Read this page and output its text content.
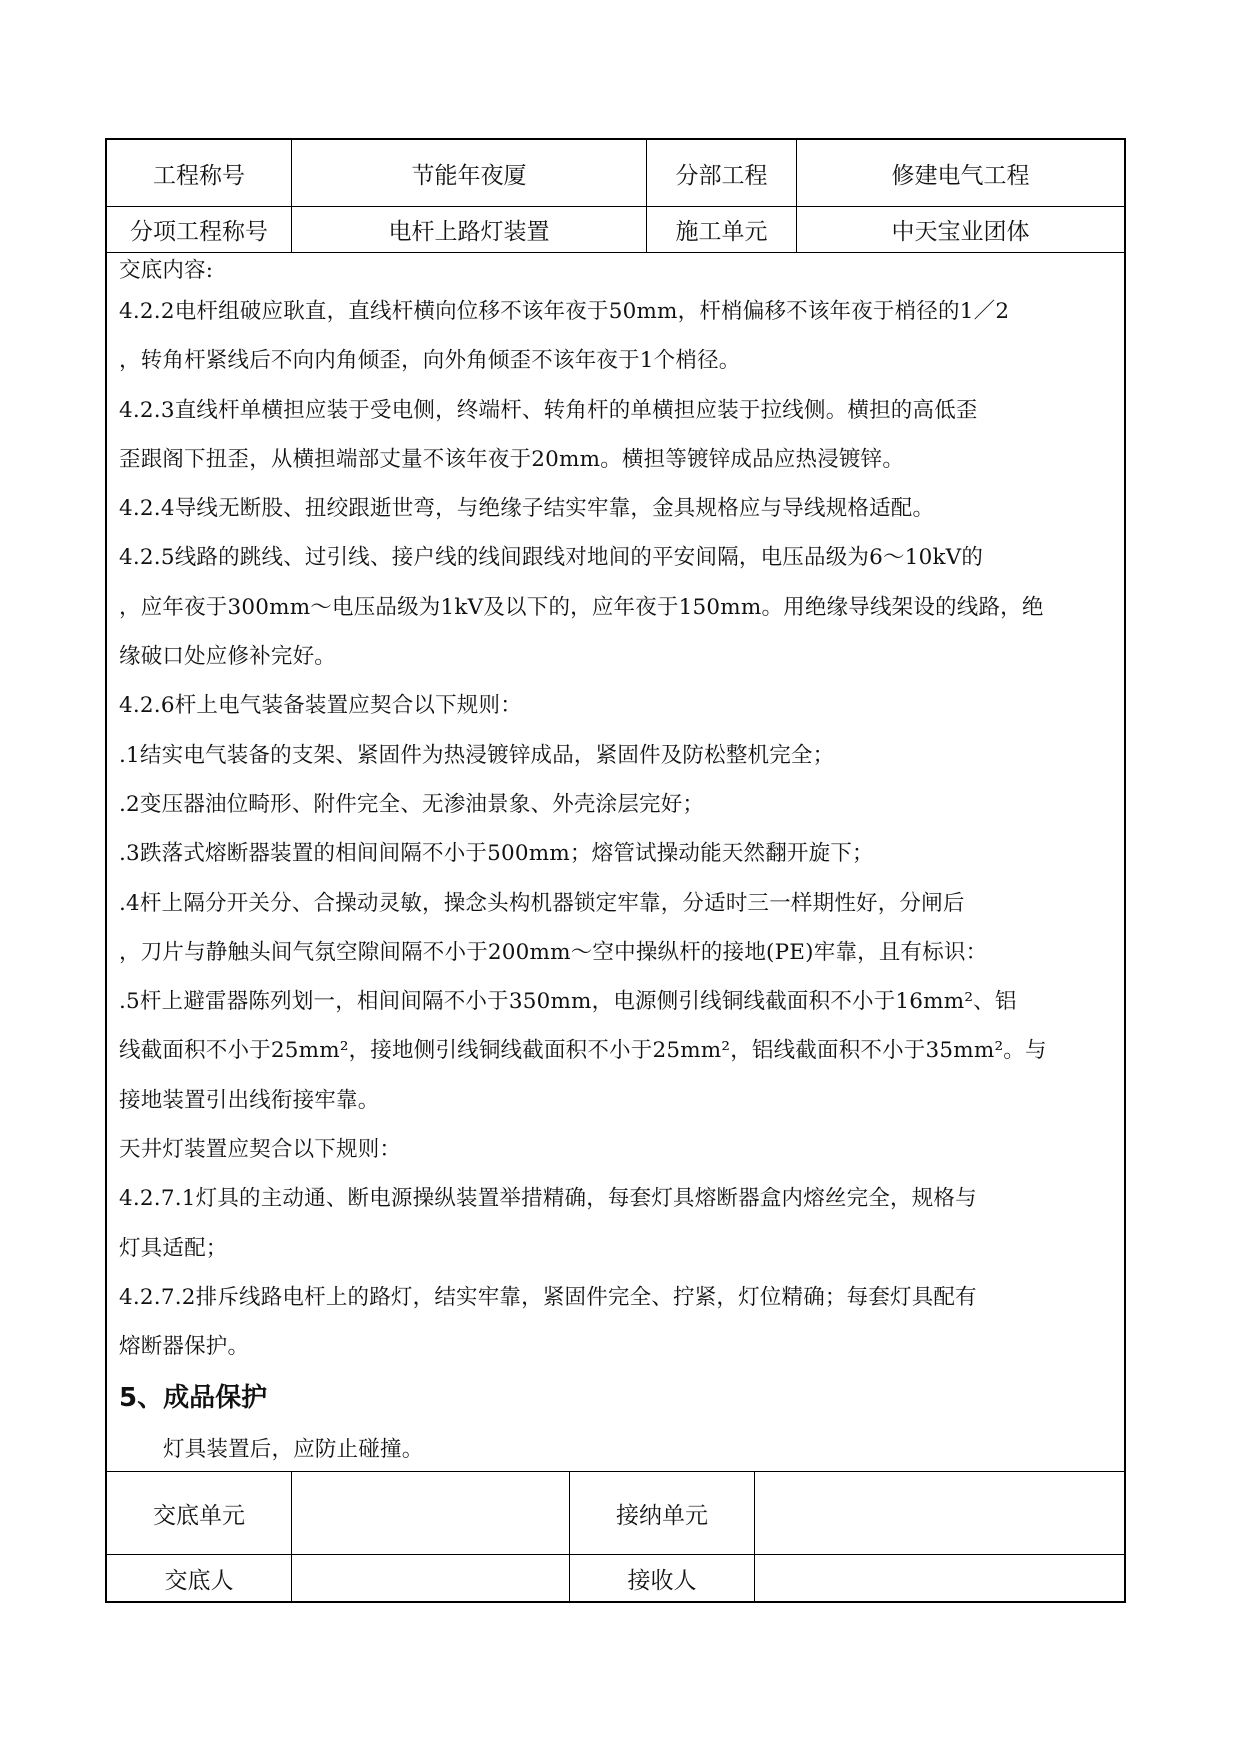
工程称号	节能年夜厦	分部工程	修建电气工程
分项工程称号	电杆上路灯装置	施工单元	中天宝业团体

交底内容:

4.2.2电杆组破应耿直，直线杆横向位移不该年夜于50mm，杆梢偏移不该年夜于梢径的1／2

，转角杆紧线后不向内角倾歪，向外角倾歪不该年夜于1个梢径。

4.2.3直线杆单横担应装于受电侧，终端杆、转角杆的单横担应装于拉线侧。横担的高低歪

歪跟阁下扭歪，从横担端部丈量不该年夜于20mm。横担等镀锌成品应热浸镀锌。

4.2.4导线无断股、扭绞跟逝世弯，与绝缘子结实牢靠，金具规格应与导线规格适配。

4.2.5线路的跳线、过引线、接户线的线间跟线对地间的平安间隔，电压品级为6～10kV的

，应年夜于300mm～电压品级为1kV及以下的，应年夜于150mm。用绝缘导线架设的线路，绝

缘破口处应修补完好。

4.2.6杆上电气装备装置应契合以下规则：

.1结实电气装备的支架、紧固件为热浸镀锌成品，紧固件及防松整机完全；

.2变压器油位畸形、附件完全、无渗油景象、外壳涂层完好；

.3跌落式熔断器装置的相间间隔不小于500mm；熔管试操动能天然翻开旋下；

.4杆上隔分开关分、合操动灵敏，操念头构机器锁定牢靠，分适时三一样期性好，分闸后

，刀片与静触头间气氛空隙间隔不小于200mm～空中操纵杆的接地(PE)牢靠，且有标识：

.5杆上避雷器陈列划一，相间间隔不小于350mm，电源侧引线铜线截面积不小于16mm²、铝

线截面积不小于25mm²，接地侧引线铜线截面积不小于25mm²，铝线截面积不小于35mm²。与

接地装置引出线衔接牢靠。

天井灯装置应契合以下规则：

4.2.7.1灯具的主动通、断电源操纵装置举措精确，每套灯具熔断器盒内熔丝完全，规格与

灯具适配；

4.2.7.2排斥线路电杆上的路灯，结实牢靠，紧固件完全、拧紧，灯位精确；每套灯具配有

熔断器保护。

5、成品保护

灯具装置后，应防止碰撞。

交底单元	接纳单元
交底人	接收人
